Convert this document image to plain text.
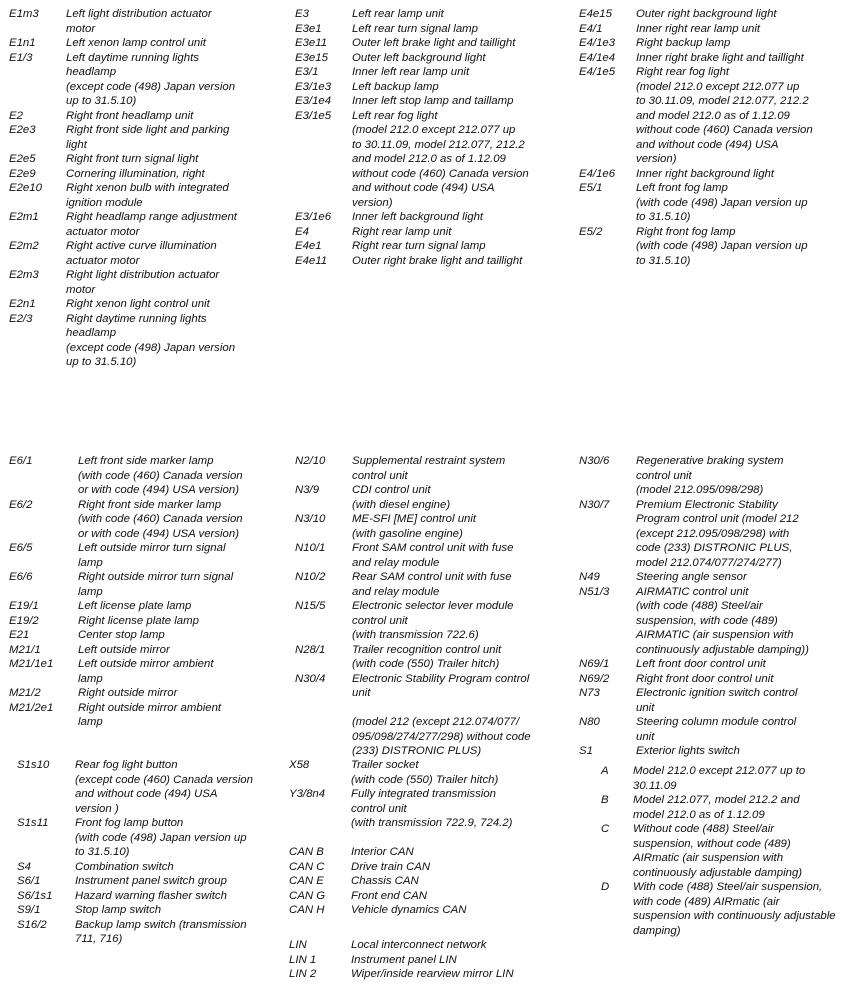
E1m3	Left light distribution actuator
motor
E1n1	Left xenon lamp control unit
E1/3	Left daytime running lights
headlamp
(except code (498) Japan version
up to 31.5.10)
E2	Right front headlamp unit
E2e3	Right front side light and parking
light
E2e5	Right front turn signal light
E2e9	Cornering illumination, right
E2e10	Right xenon bulb with integrated
ignition module
E2m1	Right headlamp range adjustment
actuator motor
E2m2	Right active curve illumination
actuator motor
E2m3	Right light distribution actuator
motor
E2n1	Right xenon light control unit
E2/3	Right daytime running lights
headlamp
(except code (498) Japan version
up to 31.5.10)
E3	Left rear lamp unit
E3e1	Left rear turn signal lamp
E3e11	Outer left brake light and taillight
E3e15	Outer left background light
E3/1	Inner left rear lamp unit
E3/1e3	Left backup lamp
E3/1e4	Inner left stop lamp and taillamp
E3/1e5	Left rear fog light
(model 212.0 except 212.077 up
to 30.11.09, model 212.077, 212.2
and model 212.0 as of 1.12.09
without code (460) Canada version
and without code (494) USA
version)
E3/1e6	Inner left background light
E4	Right rear lamp unit
E4e1	Right rear turn signal lamp
E4e11	Outer right brake light and taillight
E4e15	Outer right background light
E4/1	Inner right rear lamp unit
E4/1e3	Right backup lamp
E4/1e4	Inner right brake light and taillight
E4/1e5	Right rear fog light
(model 212.0 except 212.077 up
to 30.11.09, model 212.077, 212.2
and model 212.0 as of 1.12.09
without code (460) Canada version
and without code (494) USA
version)
E4/1e6	Inner right background light
E5/1	Left front fog lamp
(with code (498) Japan version up
to 31.5.10)
E5/2	Right front fog lamp
(with code (498) Japan version up
to 31.5.10)
E6/1	Left front side marker lamp
(with code (460) Canada version
or with code (494) USA version)
E6/2	Right front side marker lamp
(with code (460) Canada version
or with code (494) USA version)
E6/5	Left outside mirror turn signal
lamp
E6/6	Right outside mirror turn signal
lamp
E19/1	Left license plate lamp
E19/2	Right license plate lamp
E21	Center stop lamp
M21/1	Left outside mirror
M21/1e1	Left outside mirror ambient
lamp
M21/2	Right outside mirror
M21/2e1	Right outside mirror ambient
lamp
S1s10	Rear fog light button
(except code (460) Canada version
and without code (494) USA
version )
S1s11	Front fog lamp button
(with code (498) Japan version up
to 31.5.10)
S4	Combination switch
S6/1	Instrument panel switch group
S6/1s1	Hazard warning flasher switch
S9/1	Stop lamp switch
S16/2	Backup lamp switch (transmission
711, 716)
N2/10	Supplemental restraint system
control unit
N3/9	CDI control unit
(with diesel engine)
N3/10	ME-SFI [ME] control unit
(with gasoline engine)
N10/1	Front SAM control unit with fuse
and relay module
N10/2	Rear SAM control unit with fuse
and relay module
N15/5	Electronic selector lever module
control unit
(with transmission 722.6)
N28/1	Trailer recognition control unit
(with code (550) Trailer hitch)
N30/4	Electronic Stability Program control
unit

(model 212 (except 212.074/077/
095/098/274/277/298) without code
(233) DISTRONIC PLUS)
X58	Trailer socket
(with code (550) Trailer hitch)
Y3/8n4	Fully integrated transmission
control unit
(with transmission 722.9, 724.2)
CAN B	Interior CAN
CAN C	Drive train CAN
CAN E	Chassis CAN
CAN G	Front end CAN
CAN H	Vehicle dynamics CAN
LIN	Local interconnect network
LIN 1	Instrument panel LIN
LIN 2	Wiper/inside rearview mirror LIN
N30/6	Regenerative braking system
control unit
(model 212.095/098/298)
N30/7	Premium Electronic Stability
Program control unit (model 212
(except 212.095/098/298) with
code (233) DISTRONIC PLUS,
model 212.074/077/274/277)
N49	Steering angle sensor
N51/3	AIRMATIC control unit
(with code (488) Steel/air
suspension, with code (489)
AIRMATIC (air suspension with
continuously adjustable damping))
N69/1	Left front door control unit
N69/2	Right front door control unit
N73	Electronic ignition switch control
unit
N80	Steering column module control
unit
S1	Exterior lights switch
A	Model 212.0 except 212.077 up to
30.11.09
B	Model 212.077, model 212.2 and
model 212.0 as of 1.12.09
C	Without code (488) Steel/air
suspension, without code (489)
AIRmatic (air suspension with
continuously adjustable damping)
D	With code (488) Steel/air suspension,
with code (489) AIRmatic (air
suspension with continuously adjustable
damping)
